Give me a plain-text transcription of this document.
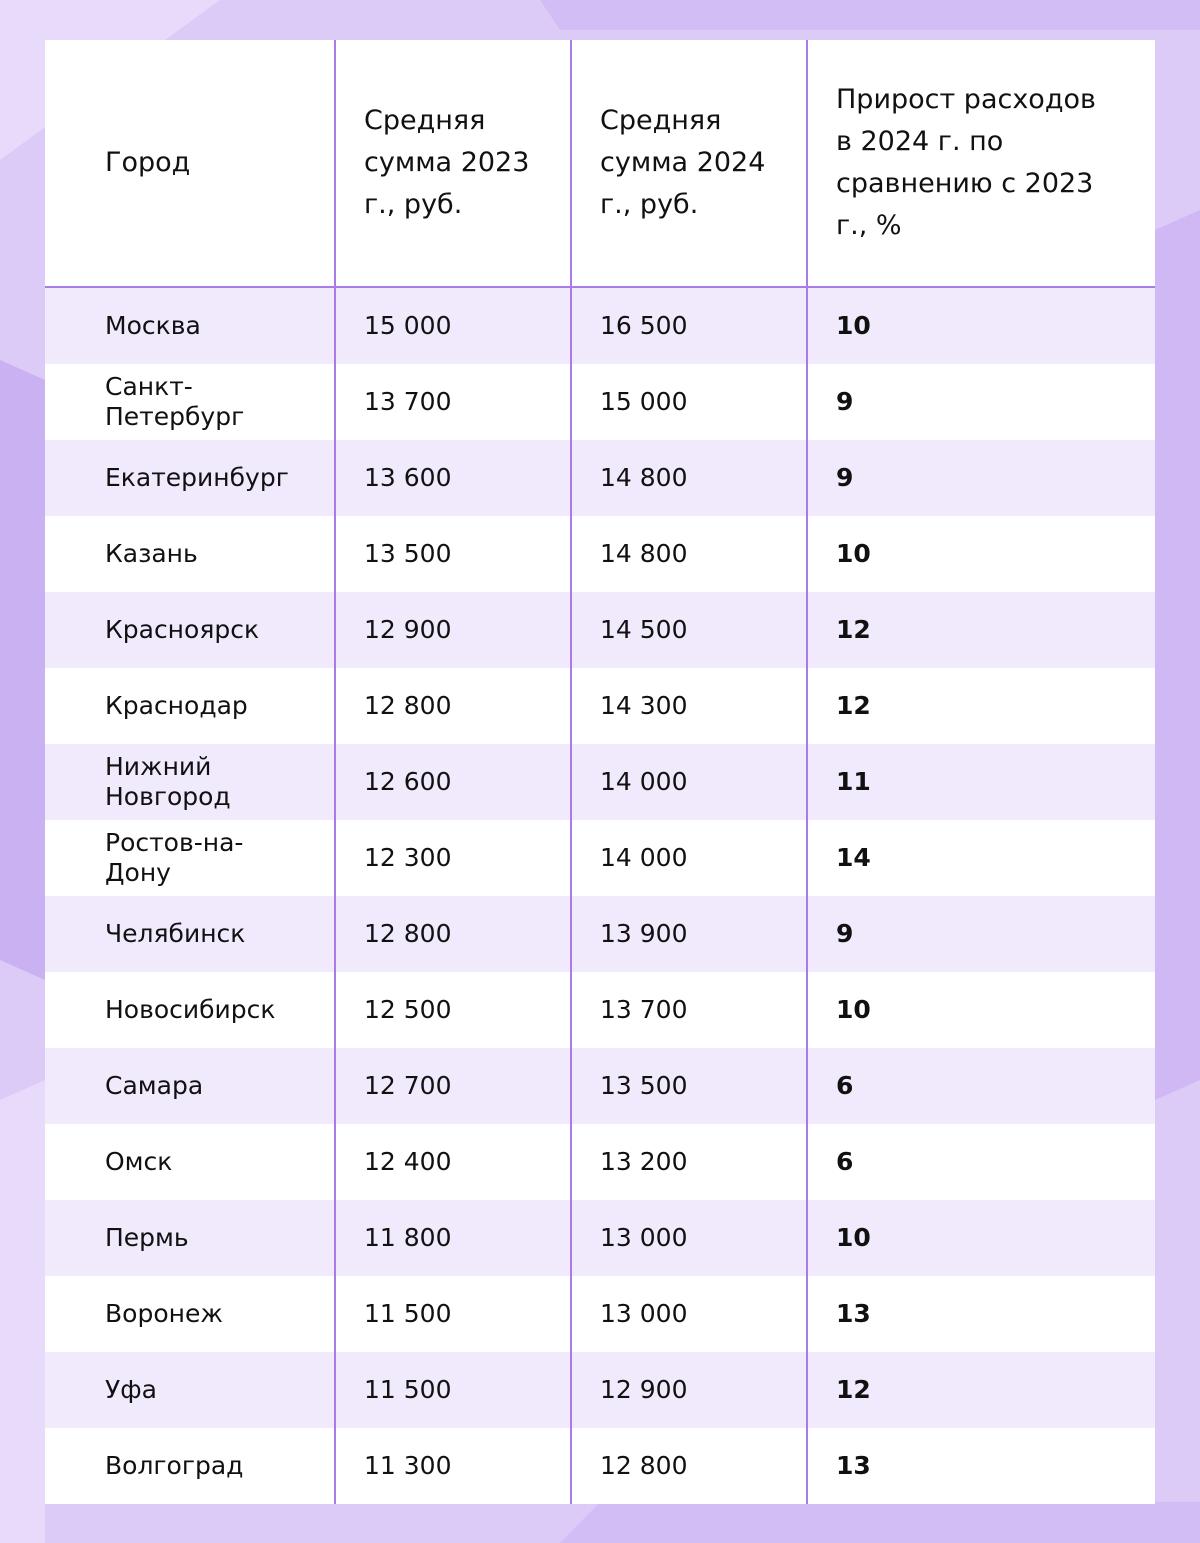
Город	Средняя сумма 2023 г., руб.	Средняя сумма 2024 г., руб.	Прирост расходов в 2024 г. по сравнению с 2023 г., %
Москва	15 000	16 500	10
Санкт-Петербург	13 700	15 000	9
Екатеринбург	13 600	14 800	9
Казань	13 500	14 800	10
Красноярск	12 900	14 500	12
Краснодар	12 800	14 300	12
Нижний Новгород	12 600	14 000	11
Ростов-на-Дону	12 300	14 000	14
Челябинск	12 800	13 900	9
Новосибирск	12 500	13 700	10
Самара	12 700	13 500	6
Омск	12 400	13 200	6
Пермь	11 800	13 000	10
Воронеж	11 500	13 000	13
Уфа	11 500	12 900	12
Волгоград	11 300	12 800	13
